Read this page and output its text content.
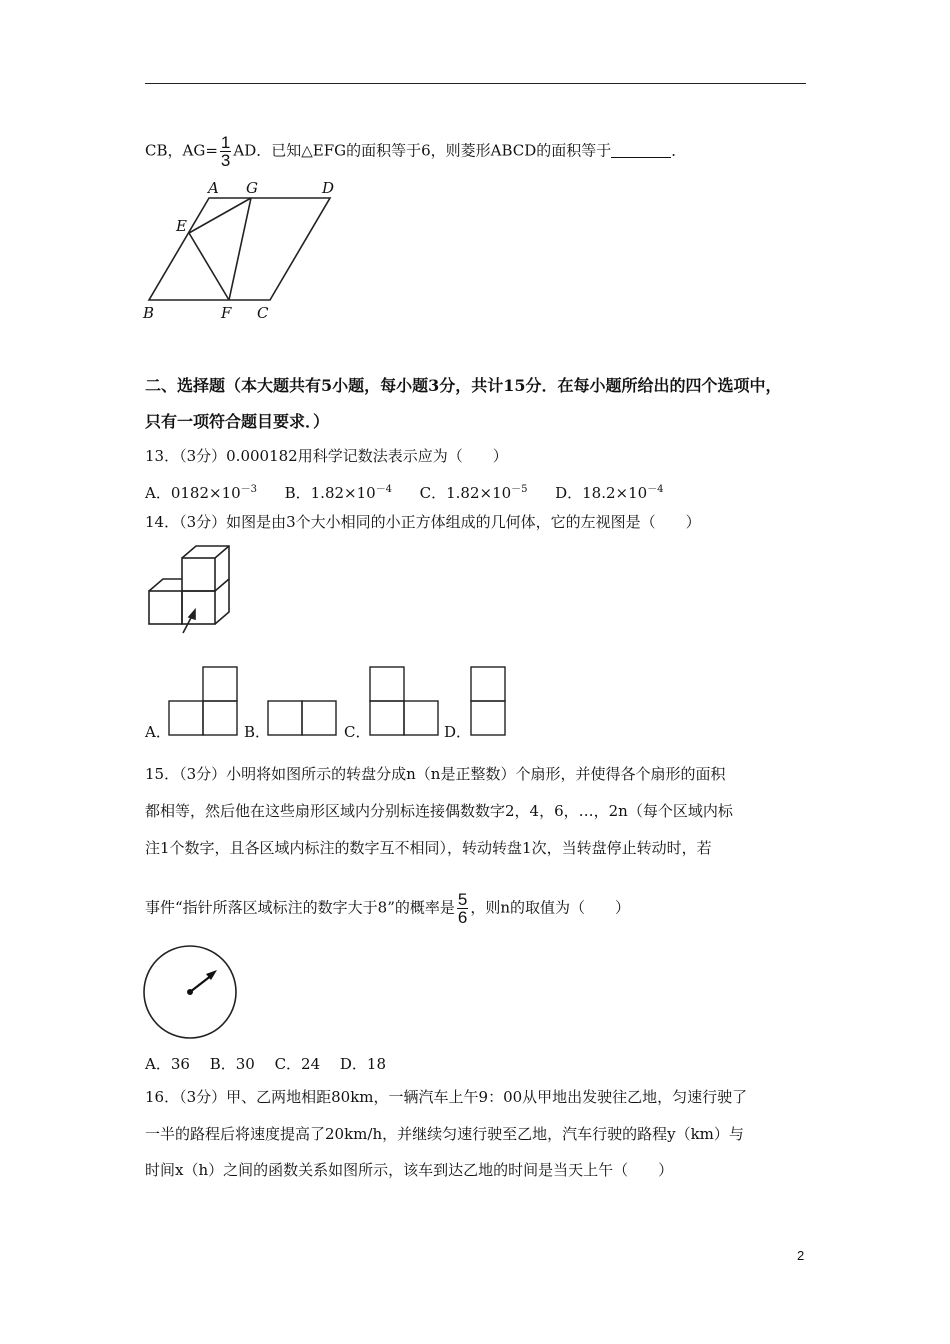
CB，$AG= \frac{1}{3}$ AD．已知△EFG的面积等于6，则菱形ABCD的面积等于	．
A G	D
E
B	F C
二、选择题（本大题共有5小题，每小题3分，共计15分．在每小题所给出的四个选项中，
只有一项符合题目要求．）
13．（3分）0.000182用科学记数法表示应为（　　）
A．$0182\times 10^{-3}$ B．$1.82\times 10^{-4}$ C．$1.82\times 10^{-5}$ D．$18.2\times 10^{-4}$
14．（3分）如图是由3个大小相同的小正方体组成的几何体，它的左视图是（　　）
A．	B．	C．	D．
15．（3分）小明将如图所示的转盘分成n（n是正整数）个扇形，并使得各个扇形的面积
都相等，然后他在这些扇形区域内分别标连接偶数数字2，4，6，…，2n（每个区域内标
注1个数字，且各区域内标注的数字互不相同），转动转盘1次，当转盘停止转动时，若
事件“指针所落区域标注的数字大于8”的概率是 $\frac{5}{6}$ ，则n的取值为（　　）
A．36　 B．30　 C．24　 D．18
16．（3分）甲、乙两地相距80km，一辆汽车上午9：00从甲地出发驶往乙地，匀速行驶了
一半的路程后将速度提高了20km/h，并继续匀速行驶至乙地，汽车行驶的路程y（km）与
时间x（h）之间的函数关系如图所示，该车到达乙地的时间是当天上午（　　）
2
